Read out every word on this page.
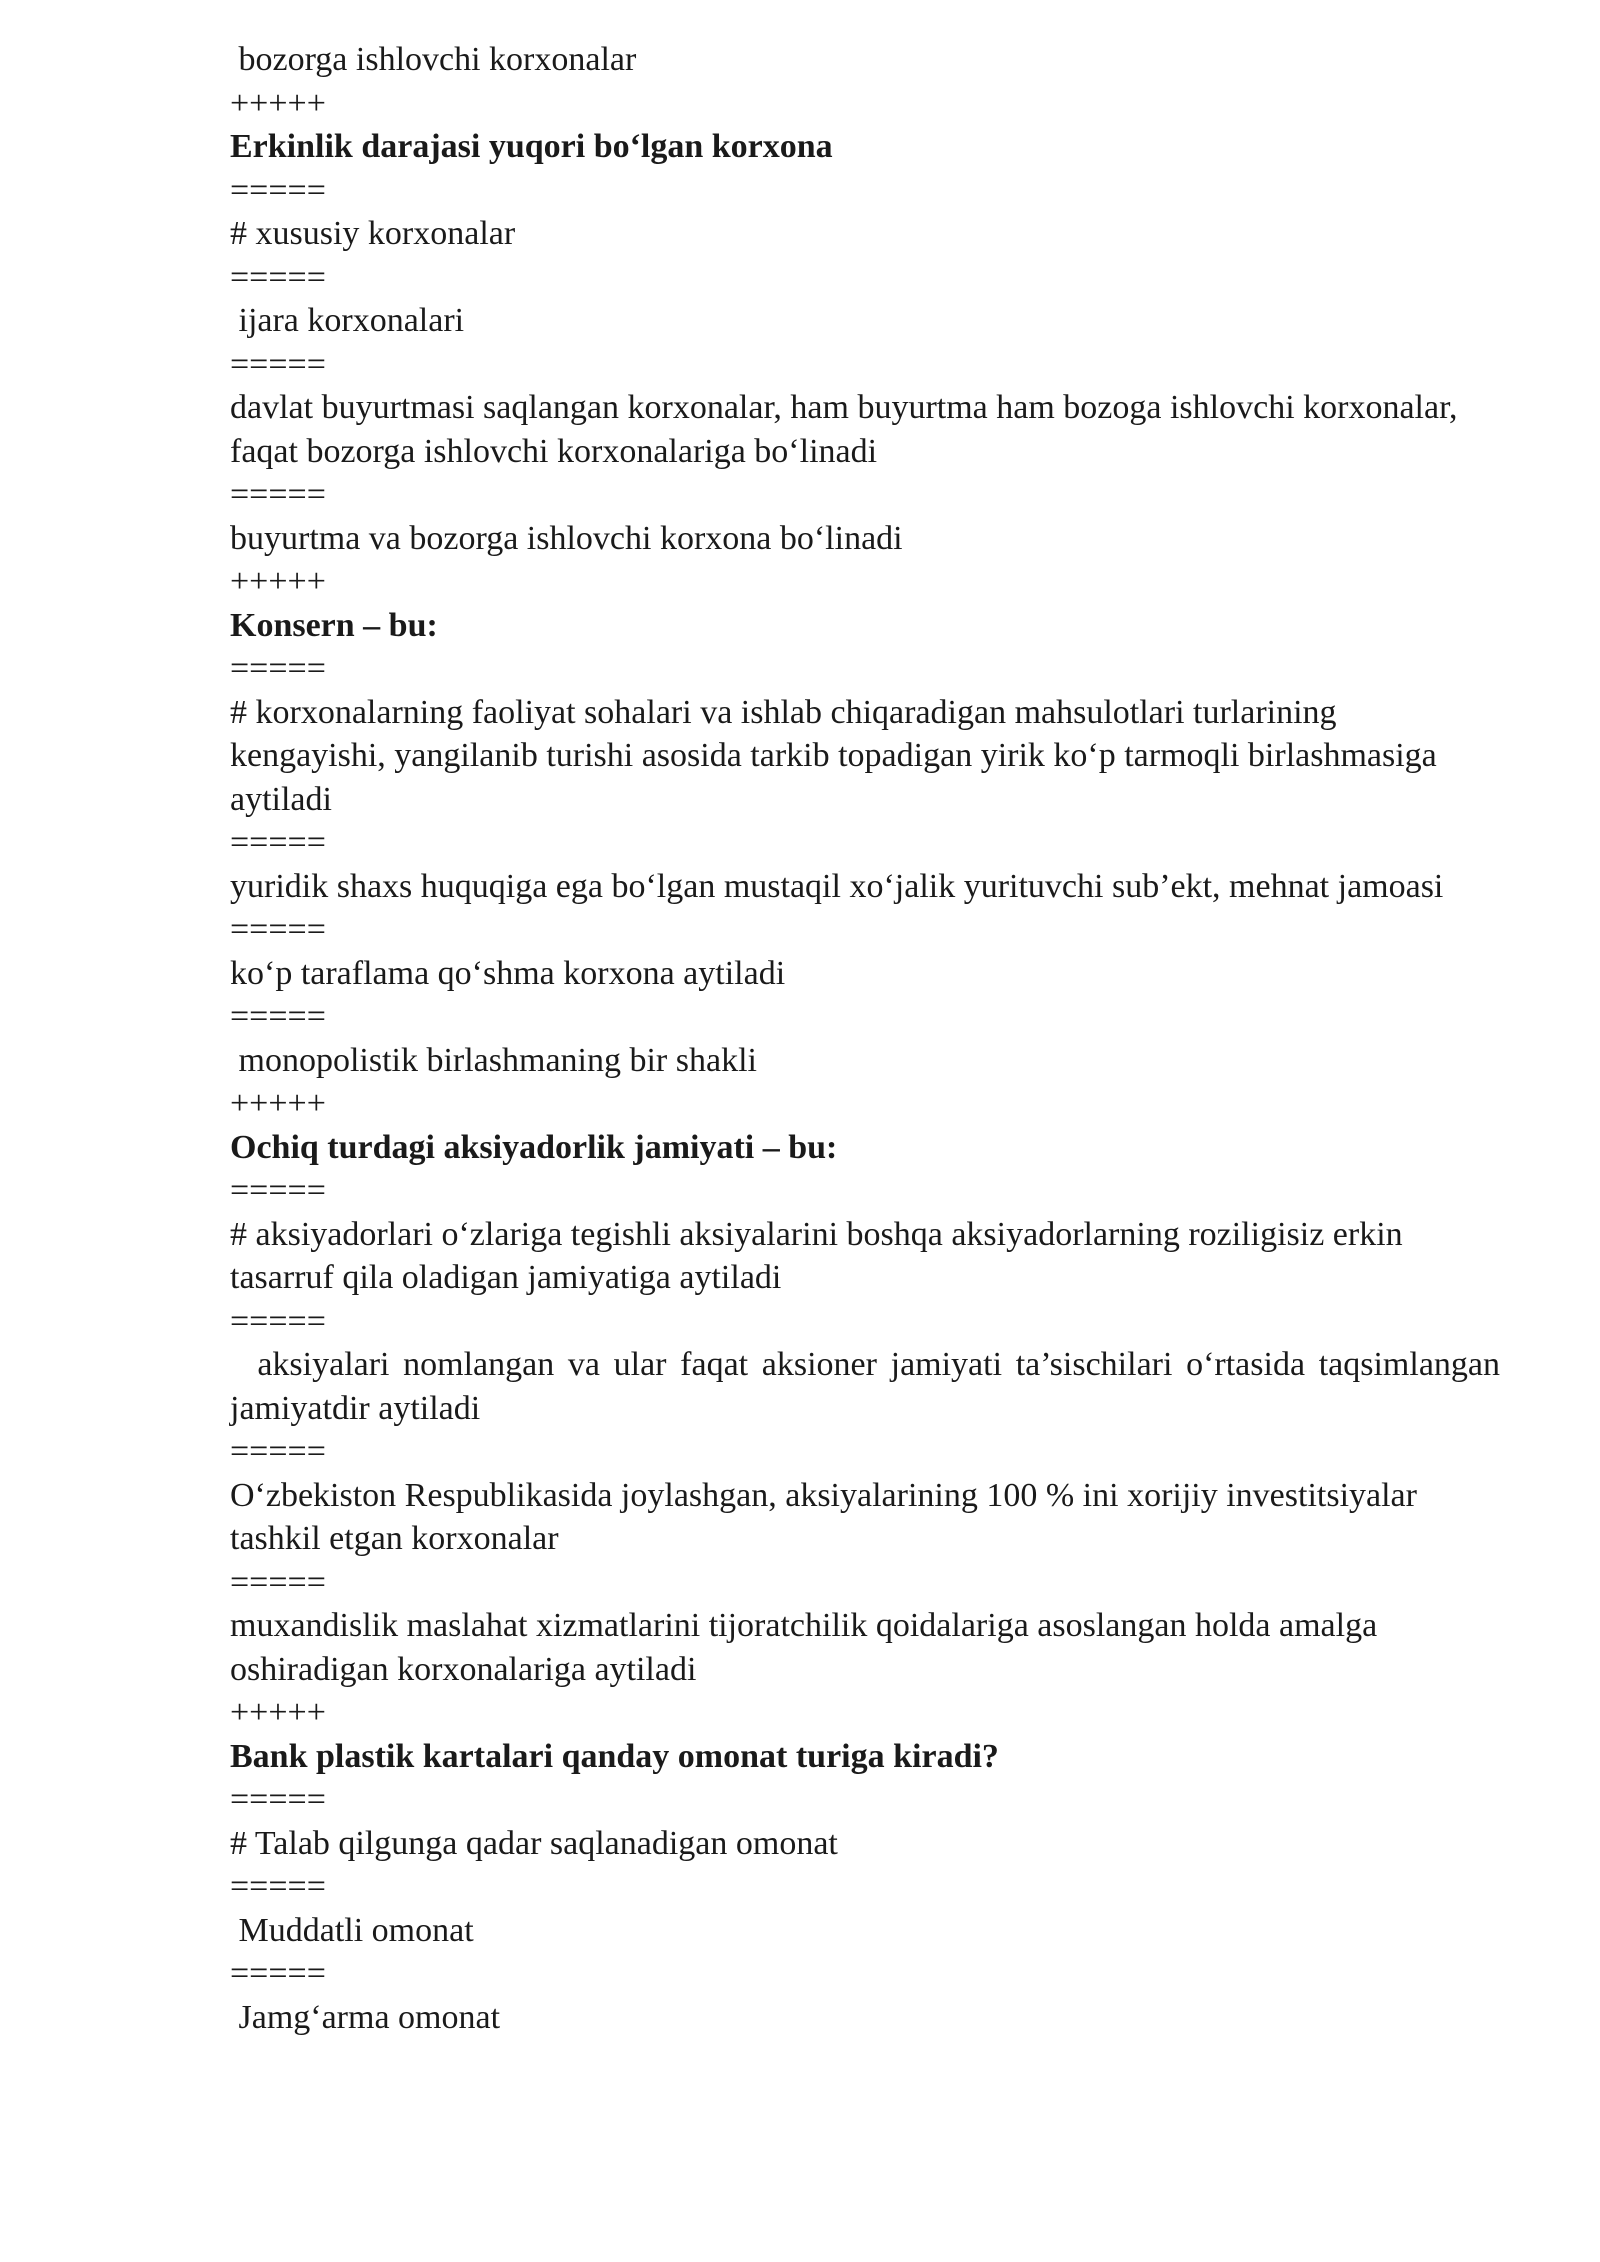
bozorga ishlovchi korxonalar

+++++

Erkinlik darajasi yuqori boʻlgan korxona

=====

# xususiy korxonalar

=====

ijara korxonalari

=====

davlat buyurtmasi saqlangan korxonalar, ham buyurtma ham bozoga ishlovchi korxonalar, faqat bozorga ishlovchi korxonalariga boʻlinadi

=====

buyurtma va bozorga ishlovchi korxona boʻlinadi

+++++

Konsern – bu:

=====

# korxonalarning faoliyat sohalari va ishlab chiqaradigan mahsulotlari turlarining kengayishi, yangilanib turishi asosida tarkib topadigan yirik koʻp tarmoqli birlashmasiga aytiladi

=====

yuridik shaxs huquqiga ega boʻlgan mustaqil xoʻjalik yurituvchi sub’ekt, mehnat jamoasi

=====

koʻp taraflama qoʻshma korxona aytiladi

=====

monopolistik birlashmaning bir shakli

+++++

Ochiq turdagi aksiyadorlik jamiyati – bu:

=====

# aksiyadorlari oʻzlariga tegishli aksiyalarini boshqa aksiyadorlarning roziligisiz erkin tasarruf qila oladigan jamiyatiga aytiladi

=====

aksiyalari nomlangan va ular faqat aksioner jamiyati ta’sischilari oʻrtasida taqsimlangan jamiyatdir aytiladi

=====

Oʻzbekiston Respublikasida joylashgan, aksiyalarining 100 % ini xorijiy investitsiyalar tashkil etgan korxonalar

=====

muxandislik maslahat xizmatlarini tijoratchilik qoidalariga asoslangan holda amalga oshiradigan korxonalariga aytiladi

+++++

Bank plastik kartalari qanday omonat turiga kiradi?

=====

# Talab qilgunga qadar saqlanadigan omonat

=====

Muddatli omonat

=====

Jamgʻarma omonat
